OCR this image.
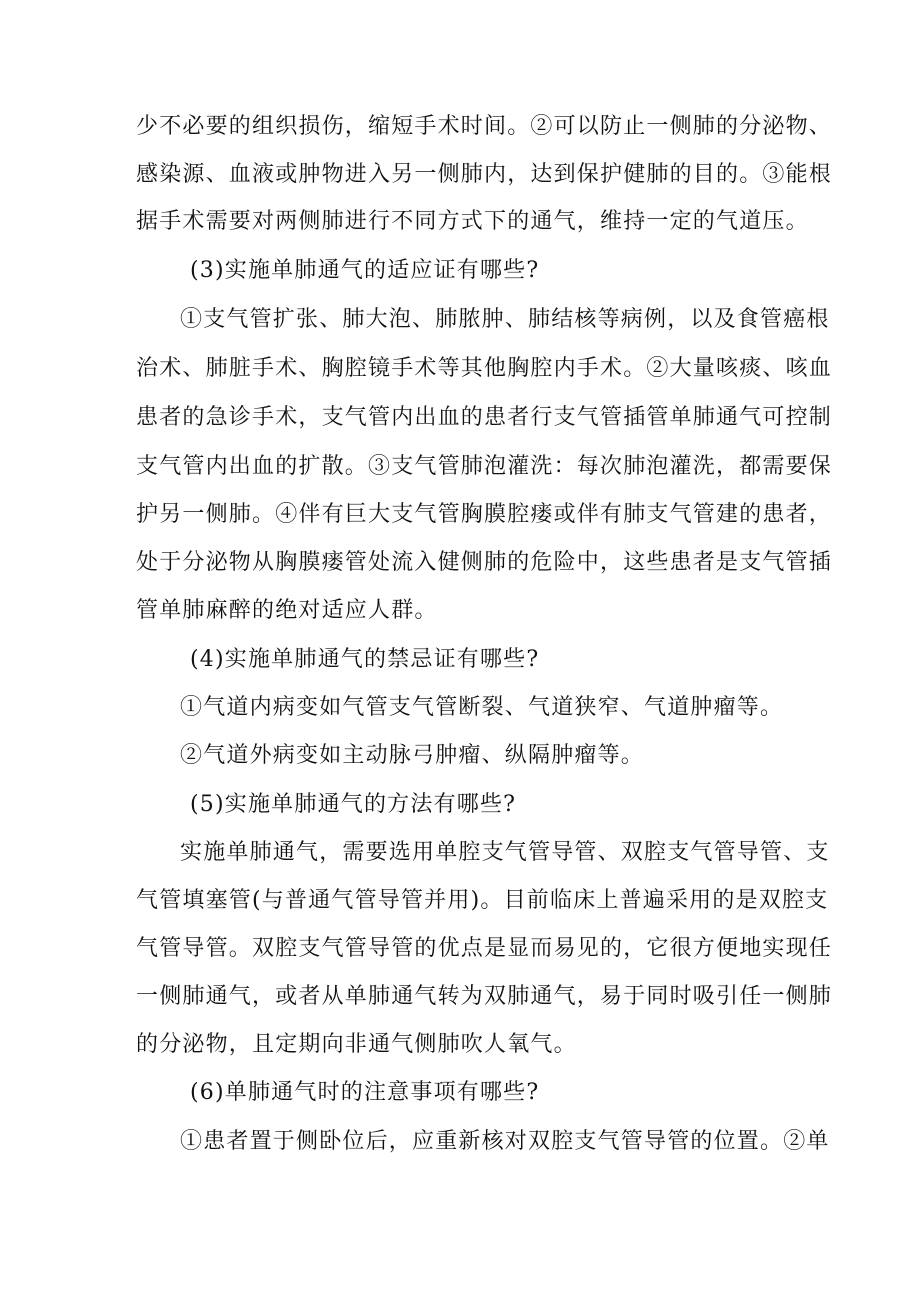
少不必要的组织损伤，缩短手术时间。②可以防止一侧肺的分泌物、
感染源、血液或肿物进入另一侧肺内，达到保护健肺的目的。③能根
据手术需要对两侧肺进行不同方式下的通气，维持一定的气道压。
(3)实施单肺通气的适应证有哪些?
①支气管扩张、肺大泡、肺脓肿、肺结核等病例，以及食管癌根
治术、肺脏手术、胸腔镜手术等其他胸腔内手术。②大量咳痰、咳血
患者的急诊手术，支气管内出血的患者行支气管插管单肺通气可控制
支气管内出血的扩散。③支气管肺泡灌洗：每次肺泡灌洗，都需要保
护另一侧肺。④伴有巨大支气管胸膜腔瘘或伴有肺支气管建的患者，
处于分泌物从胸膜瘘管处流入健侧肺的危险中，这些患者是支气管插
管单肺麻醉的绝对适应人群。
(4)实施单肺通气的禁忌证有哪些?
①气道内病变如气管支气管断裂、气道狭窄、气道肿瘤等。
②气道外病变如主动脉弓肿瘤、纵隔肿瘤等。
(5)实施单肺通气的方法有哪些?
实施单肺通气，需要选用单腔支气管导管、双腔支气管导管、支
气管填塞管(与普通气管导管并用)。目前临床上普遍采用的是双腔支
气管导管。双腔支气管导管的优点是显而易见的，它很方便地实现任
一侧肺通气，或者从单肺通气转为双肺通气，易于同时吸引任一侧肺
的分泌物，且定期向非通气侧肺吹人氧气。
(6)单肺通气时的注意事项有哪些?
①患者置于侧卧位后，应重新核对双腔支气管导管的位置。②单
